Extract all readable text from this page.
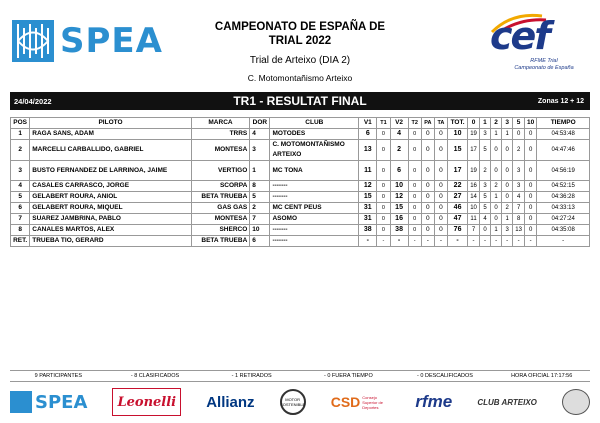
SPEA	CAMPEONATO DE ESPAÑA DE
TRIAL 2022
Trial de Arteixo (DIA 2)
C. Motomontañismo Arteixo
cef
RFME Trial
Campeonato de España
24/04/2022	TR1 - RESULTAT FINAL	Zonas 12 + 12
POS	PILOTO	MARCA	DOR	CLUB	V1	T1	V2	T2	PA	TA	TOT.	0	1	2	3	5	10	TIEMPO
1	RAGA SANS, ADAM	TRRS	4	MOTODES	6	0	4	0	0	0	10	19	3	1	1	0	0	04:53:48
2	MARCELLI CARBALLIDO, GABRIEL	MONTESA	3	C. MOTOMONTAÑISMO ARTEIXO	13	0	2	0	0	0	15	17	5	0	0	2	0	04:47:46
3	BUSTO FERNANDEZ DE LARRINOA, JAIME	VERTIGO	1	MC TONA	11	0	6	0	0	0	17	19	2	0	0	3	0	04:56:19
4	CASALES CARRASCO, JORGE	SCORPA	8	-------	12	0	10	0	0	0	22	16	3	2	0	3	0	04:52:15
5	GELABERT ROURA, ANIOL	BETA TRUEBA	5	-------	15	0	12	0	0	0	27	14	5	1	0	4	0	04:36:28
6	GELABERT ROURA, MIQUEL	GAS GAS	2	MC CENT PEUS	31	0	15	0	0	0	46	10	5	0	2	7	0	04:33:13
7	SUAREZ JAMBRINA, PABLO	MONTESA	7	ASOMO	31	0	16	0	0	0	47	11	4	0	1	8	0	04:27:24
8	CANALES MARTOS, ALEX	SHERCO	10	-------	38	0	38	0	0	0	76	7	0	1	3	13	0	04:35:08
RET.	TRUEBA TIO, GERARD	BETA TRUEBA	6	-------	-	-	-	-	-	-	-	-	-	-	-	-	-	-
9 PARTICIPANTES	- 8 CLASIFICADOS	- 1 RETIRADOS	- 0 FUERA TIEMPO	- 0 DESCALIFICADOS	HORA OFICIAL 17:17:56
SPEA	Leonelli	Allianz	MOTOR SOSTENIBLE CSD Consejo Superior de Deportes	rfme	CLUB ARTEIXO
